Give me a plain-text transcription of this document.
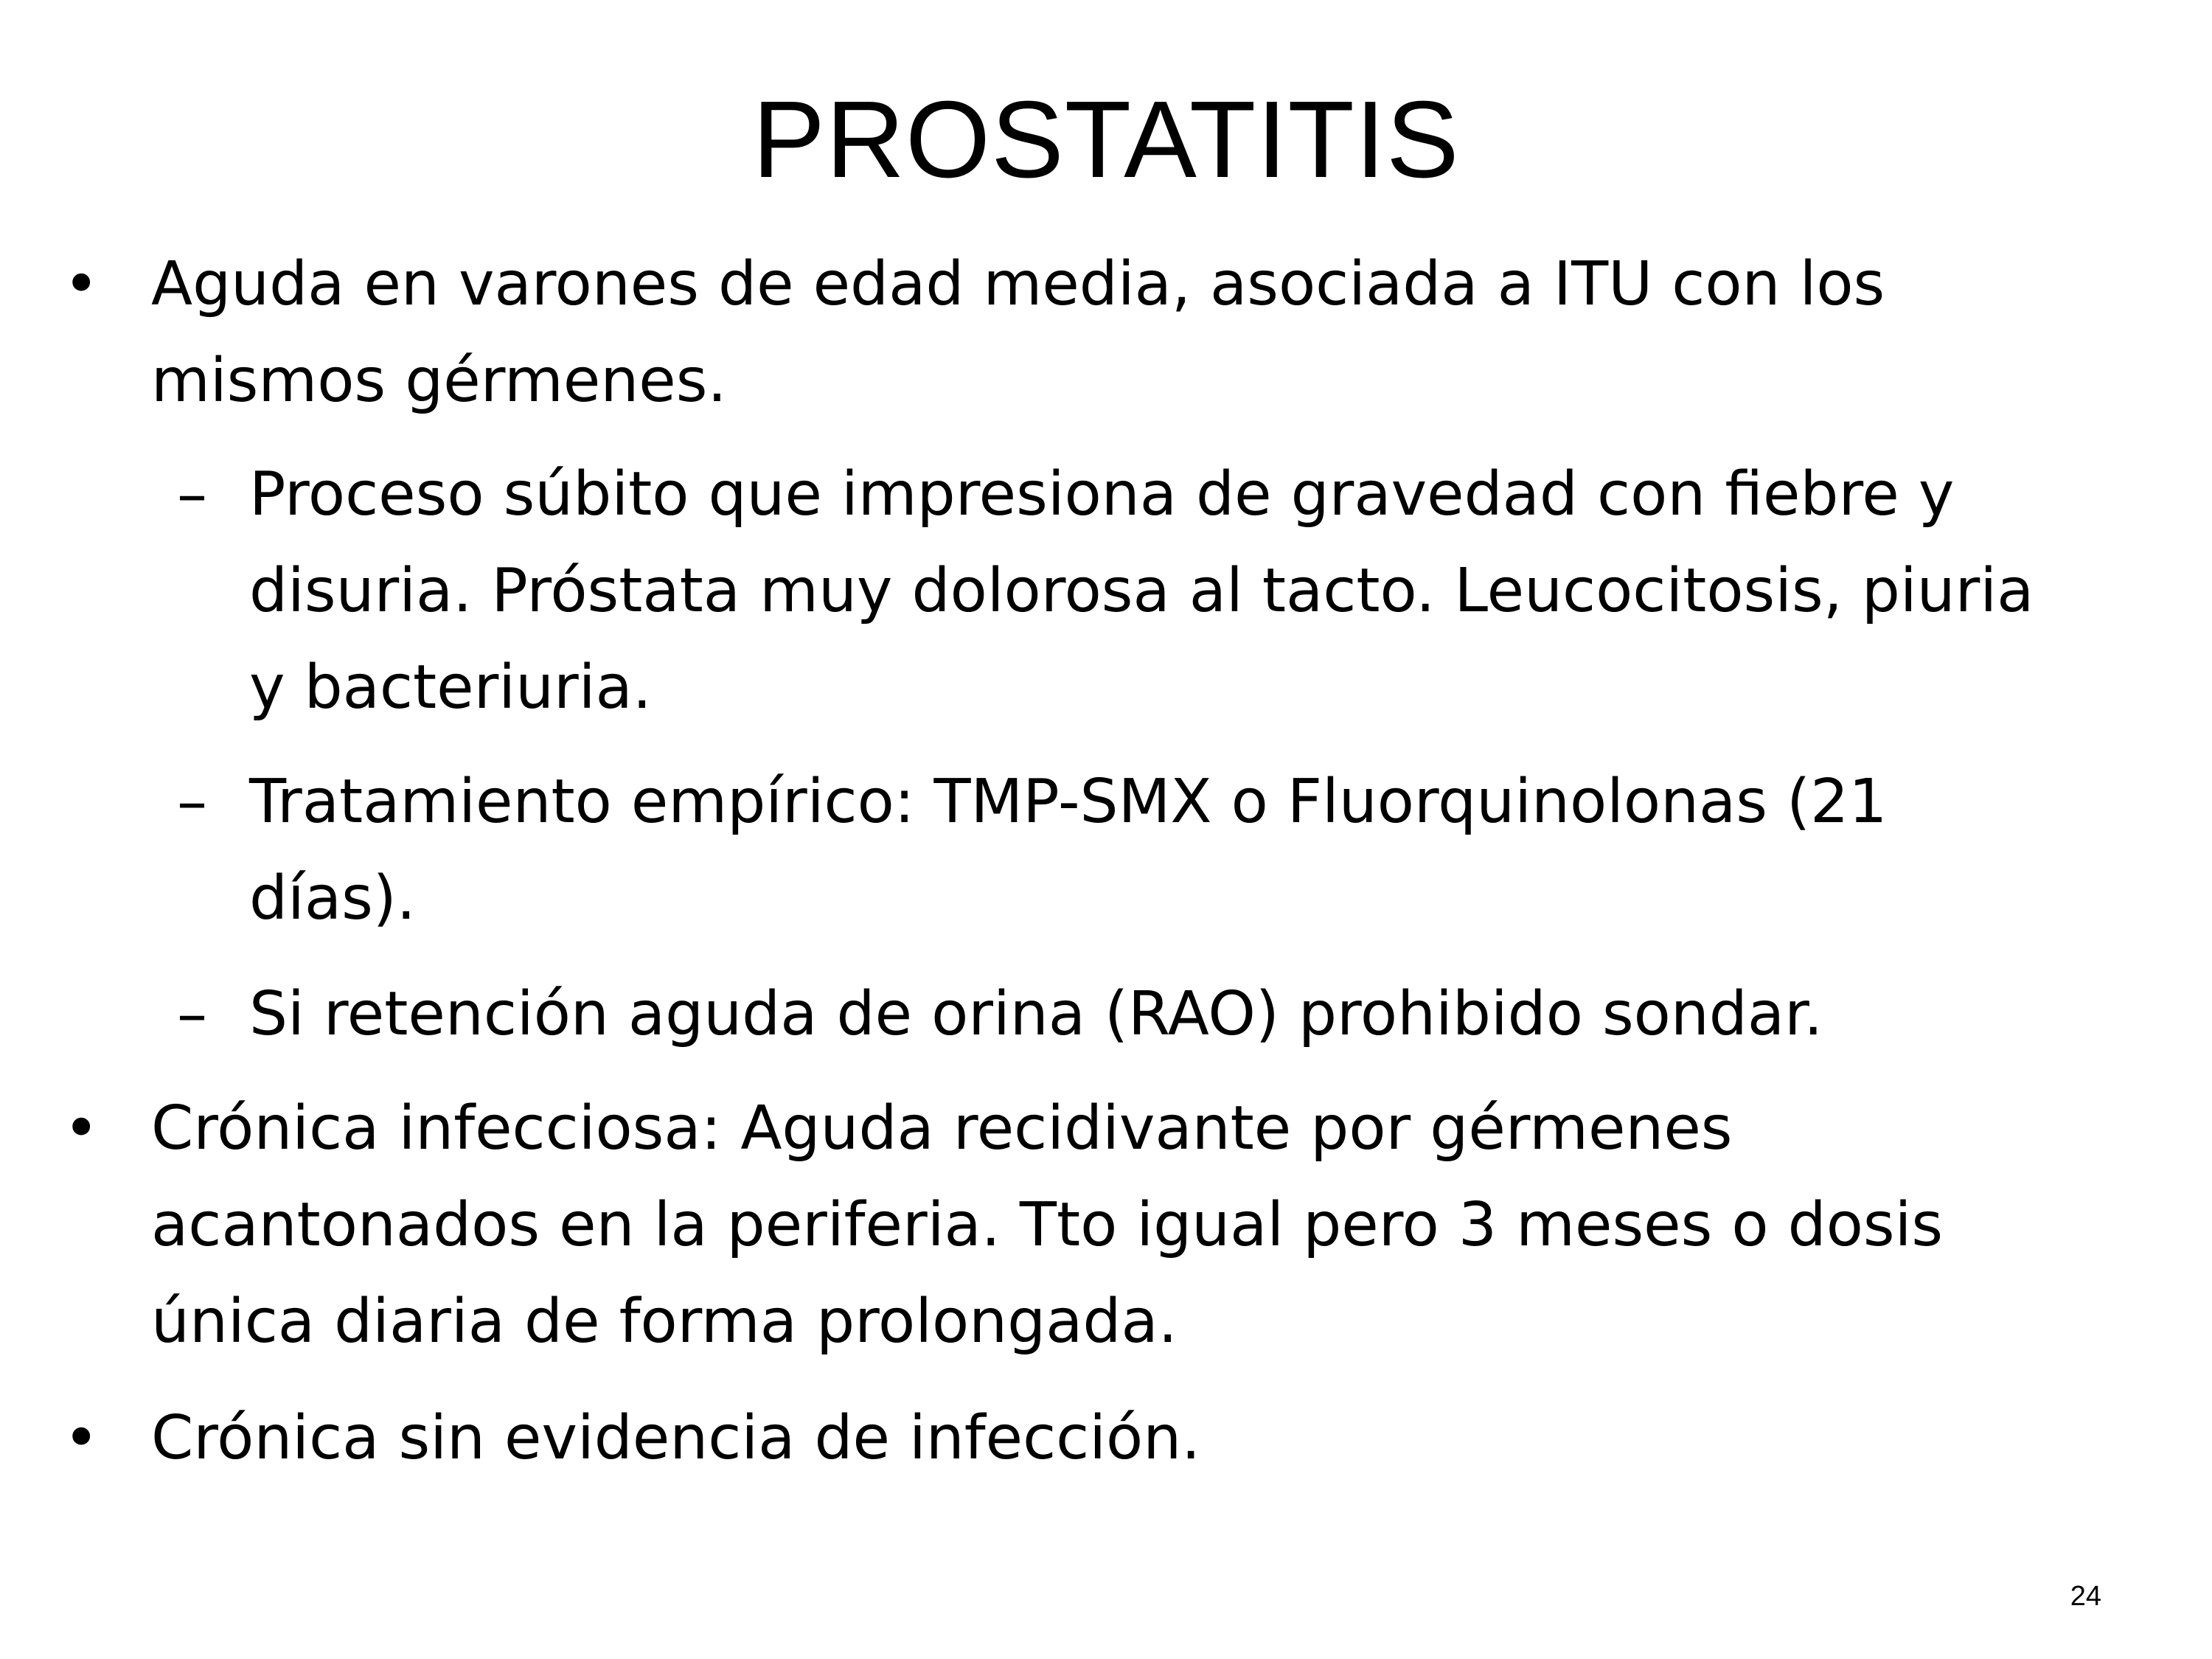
PROSTATITIS
• Aguda en varones de edad media, asociada a ITU con los
mismos gérmenes.
– Proceso súbito que impresiona de gravedad con fiebre y
disuria. Próstata muy dolorosa al tacto. Leucocitosis, piuria
y bacteriuria.
– Tratamiento empírico: TMP-SMX o Fluorquinolonas (21
días).
– Si retención aguda de orina (RAO) prohibido sondar.
• Crónica infecciosa: Aguda recidivante por gérmenes
acantonados en la periferia. Tto igual pero 3 meses o dosis
única diaria de forma prolongada.
• Crónica sin evidencia de infección.
24
